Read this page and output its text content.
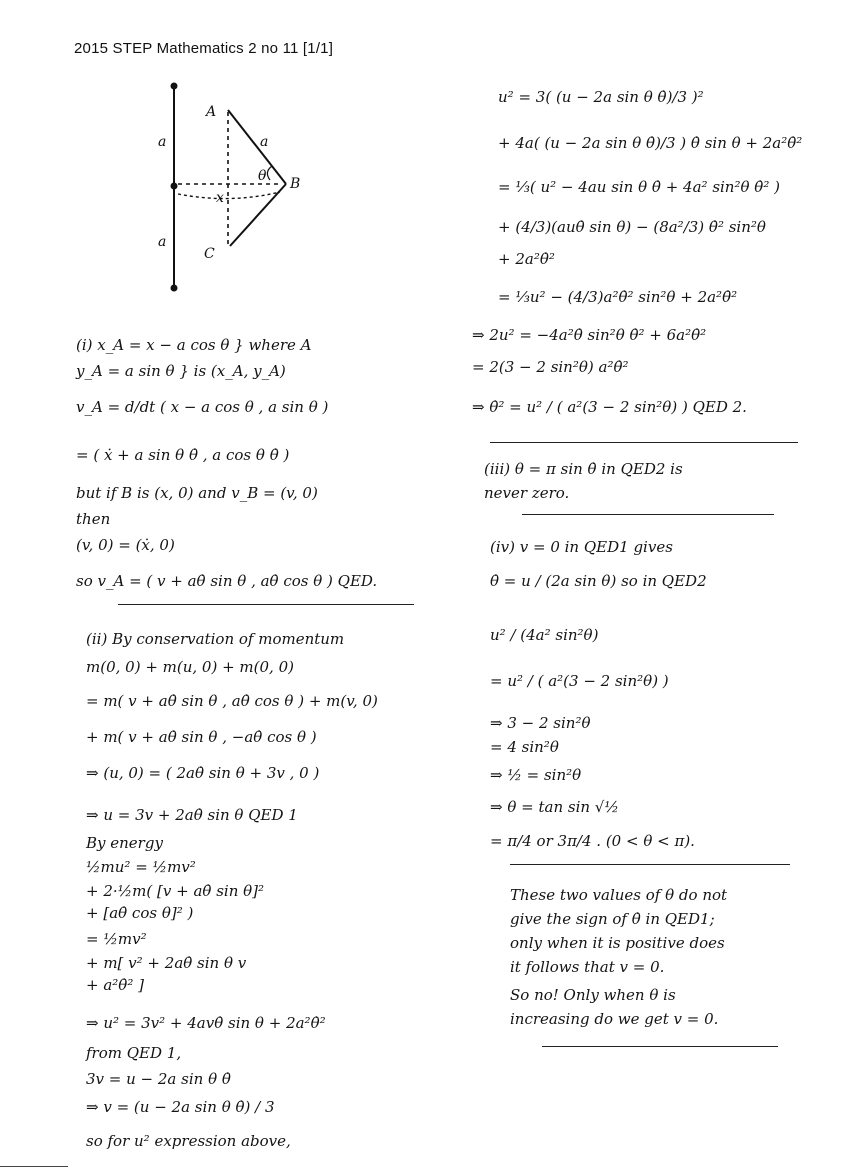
2015 STEP Mathematics 2 no 11 [1/1]
A
B
C
a
a
a
θ
x
(i) x_A = x − a cos θ } where A
y_A = a sin θ } is (x_A, y_A)
v_A = d/dt ( x − a cos θ , a sin θ )
= ( ẋ + a sin θ θ̇ , a cos θ θ̇ )
but if B is (x, 0) and v_B = (v, 0)
then
(v, 0) = (ẋ, 0)
so v_A = ( v + aθ̇ sin θ , aθ̇ cos θ ) QED.
(ii) By conservation of momentum
m(0, 0) + m(u, 0) + m(0, 0)
= m( v + aθ̇ sin θ , aθ̇ cos θ ) + m(v, 0)
+ m( v + aθ̇ sin θ , −aθ̇ cos θ )
⇒ (u, 0) = ( 2aθ̇ sin θ + 3v , 0 )
⇒ u = 3v + 2aθ̇ sin θ QED 1
By energy
½mu² = ½mv²
+ 2·½m( [v + aθ̇ sin θ]²
+ [aθ̇ cos θ]² )
= ½mv²
+ m[ v² + 2aθ̇ sin θ v
+ a²θ̇² ]
⇒ u² = 3v² + 4avθ̇ sin θ + 2a²θ̇²
from QED 1,
3v = u − 2a sin θ θ̇
⇒ v = (u − 2a sin θ θ̇) / 3
so for u² expression above,
u² = 3( (u − 2a sin θ θ̇)/3 )²
+ 4a( (u − 2a sin θ θ̇)/3 ) θ̇ sin θ + 2a²θ̇²
= ⅓( u² − 4au sin θ θ̇ + 4a² sin²θ θ̇² )
+ (4/3)(auθ̇ sin θ) − (8a²/3) θ̇² sin²θ
+ 2a²θ̇²
= ⅓u² − (4/3)a²θ̇² sin²θ + 2a²θ̇²
⇒ 2u² = −4a²θ̇ sin²θ θ̇² + 6a²θ̇²
= 2(3 − 2 sin²θ) a²θ̇²
⇒ θ̇² = u² / ( a²(3 − 2 sin²θ) ) QED 2.
(iii) θ = π sin θ̇ in QED2 is
never zero.
(iv) v = 0 in QED1 gives
θ̇ = u / (2a sin θ) so in QED2
u² / (4a² sin²θ)
= u² / ( a²(3 − 2 sin²θ) )
⇒ 3 − 2 sin²θ
= 4 sin²θ
⇒ ½ = sin²θ
⇒ θ = tan sin √½
= π/4 or 3π/4 . (0 < θ < π).
These two values of θ do not
give the sign of θ̇ in QED1;
only when it is positive does
it follows that v = 0.
So no! Only when θ is
increasing do we get v = 0.
